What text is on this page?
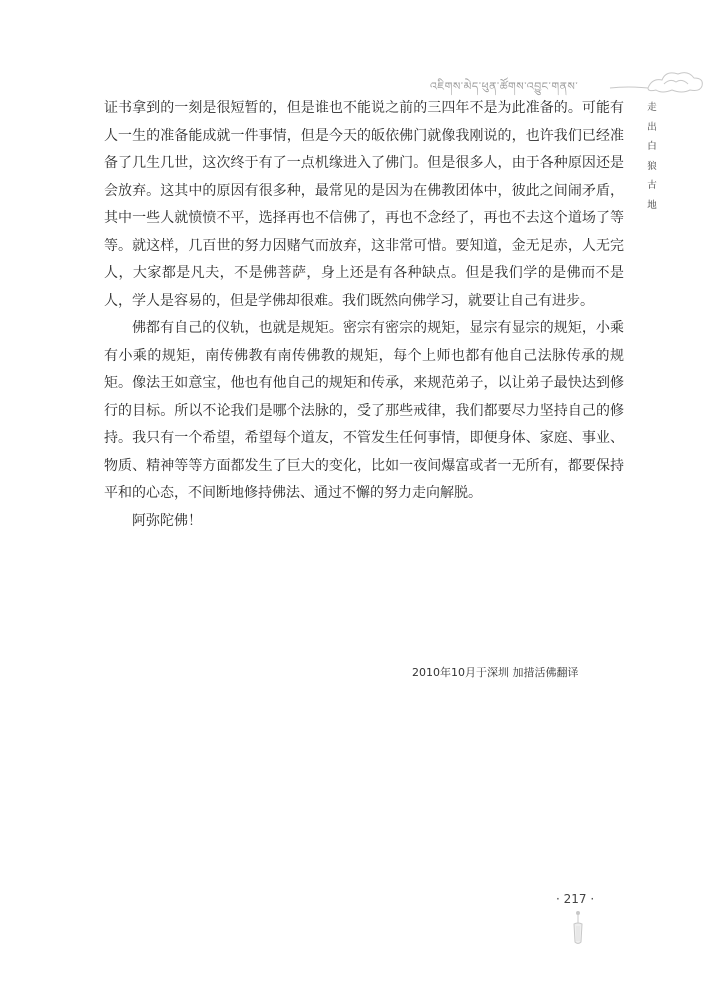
འཇིགས་མེད་ཕུན་ཚོགས་འབྱུང་གནས་
走
出
白
狼
古
地

证书拿到的一刻是很短暂的，但是谁也不能说之前的三四年不是为此准备的。可能有人一生的准备能成就一件事情，但是今天的皈依佛门就像我刚说的，也许我们已经准备了几生几世，这次终于有了一点机缘进入了佛门。但是很多人，由于各种原因还是会放弃。这其中的原因有很多种，最常见的是因为在佛教团体中，彼此之间闹矛盾，其中一些人就愤愤不平，选择再也不信佛了，再也不念经了，再也不去这个道场了等等。就这样，几百世的努力因赌气而放弃，这非常可惜。要知道，金无足赤，人无完人，大家都是凡夫，不是佛菩萨，身上还是有各种缺点。但是我们学的是佛而不是人，学人是容易的，但是学佛却很难。我们既然向佛学习，就要让自己有进步。

佛都有自己的仪轨，也就是规矩。密宗有密宗的规矩，显宗有显宗的规矩，小乘有小乘的规矩，南传佛教有南传佛教的规矩，每个上师也都有他自己法脉传承的规矩。像法王如意宝，他也有他自己的规矩和传承，来规范弟子，以让弟子最快达到修行的目标。所以不论我们是哪个法脉的，受了那些戒律，我们都要尽力坚持自己的修持。我只有一个希望，希望每个道友，不管发生任何事情，即便身体、家庭、事业、物质、精神等等方面都发生了巨大的变化，比如一夜间爆富或者一无所有，都要保持平和的心态，不间断地修持佛法、通过不懈的努力走向解脱。

阿弥陀佛！

2010年10月于深圳 加措活佛翻译
· 217 ·
